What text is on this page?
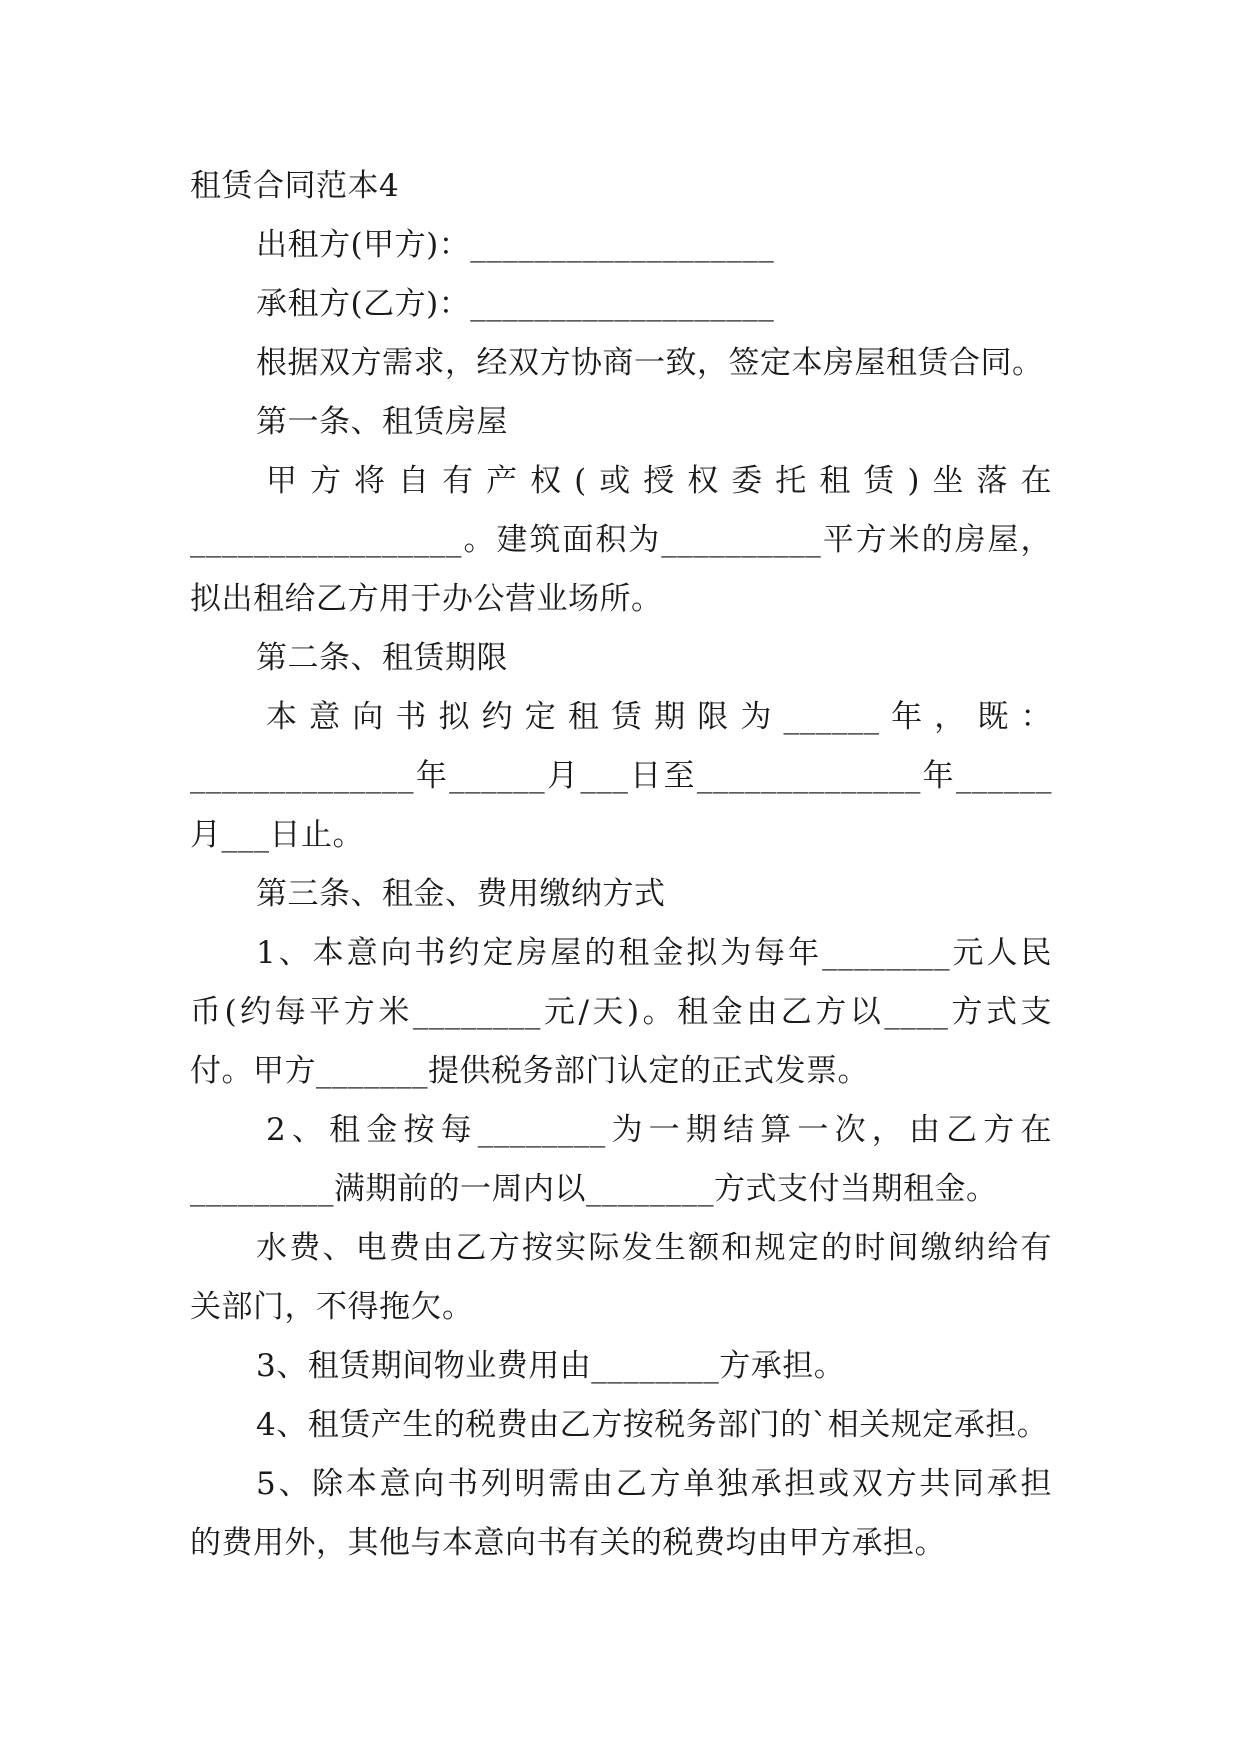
租赁合同范本4
出租方(甲方)：___________________
承租方(乙方)：___________________
根据双方需求，经双方协商一致，签定本房屋租赁合同。
第一条、租赁房屋
甲方将自有产权(或授权委托租赁)坐落在
_________________。建筑面积为__________平方米的房屋，
拟出租给乙方用于办公营业场所。
第二条、租赁期限
本意向书拟约定租赁期限为______年，既：
______________年______月___日至______________年______
月___日止。
第三条、租金、费用缴纳方式
1、本意向书约定房屋的租金拟为每年________元人民
币(约每平方米________元/天)。租金由乙方以____方式支
付。甲方_______提供税务部门认定的正式发票。
2、租金按每________为一期结算一次，由乙方在
_________满期前的一周内以________方式支付当期租金。
水费、电费由乙方按实际发生额和规定的时间缴纳给有
关部门，不得拖欠。
3、租赁期间物业费用由________方承担。
4、租赁产生的税费由乙方按税务部门的`相关规定承担。
5、除本意向书列明需由乙方单独承担或双方共同承担
的费用外，其他与本意向书有关的税费均由甲方承担。
